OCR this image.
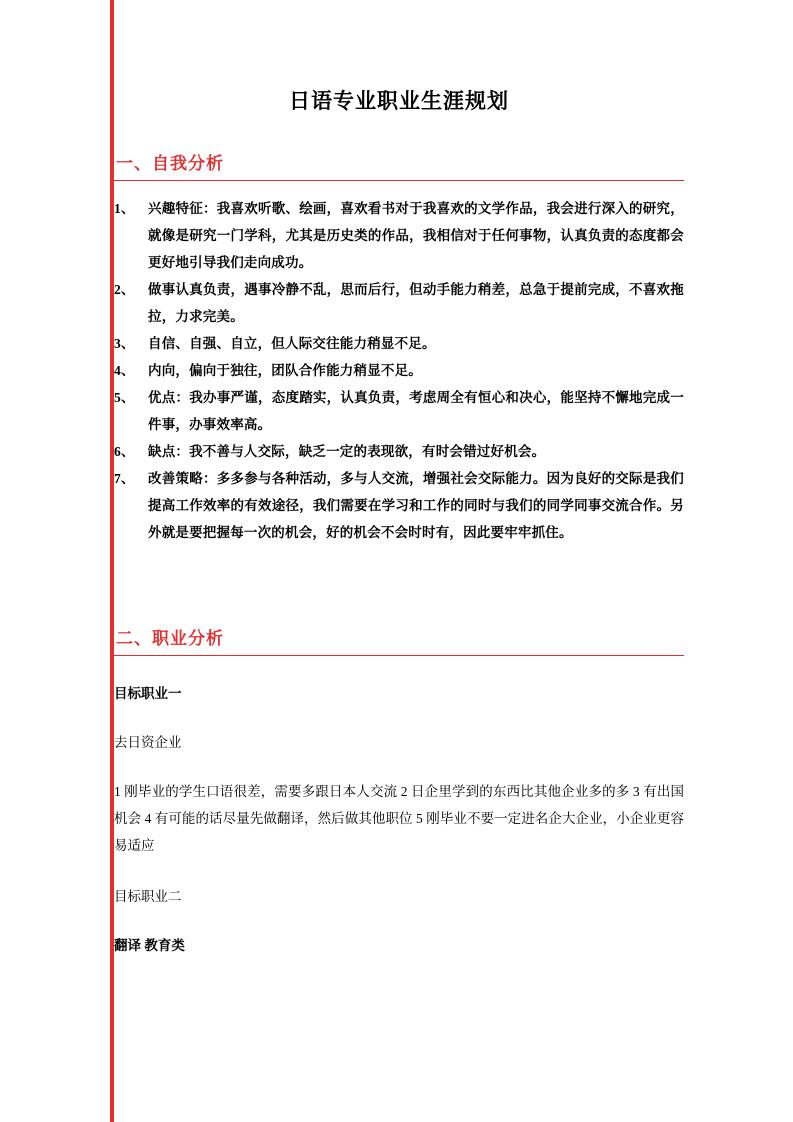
日语专业职业生涯规划
一、自我分析
1、 兴趣特征：我喜欢听歌、绘画，喜欢看书对于我喜欢的文学作品，我会进行深入的研究，就像是研究一门学科，尤其是历史类的作品，我相信对于任何事物，认真负责的态度都会更好地引导我们走向成功。
2、 做事认真负责，遇事冷静不乱，思而后行，但动手能力稍差，总急于提前完成，不喜欢拖拉，力求完美。
3、 自信、自强、自立，但人际交往能力稍显不足。
4、 内向，偏向于独往，团队合作能力稍显不足。
5、 优点：我办事严谨，态度踏实，认真负责，考虑周全有恒心和决心，能坚持不懈地完成一件事，办事效率高。
6、 缺点：我不善与人交际，缺乏一定的表现欲，有时会错过好机会。
7、 改善策略：多多参与各种活动，多与人交流，增强社会交际能力。因为良好的交际是我们提高工作效率的有效途径，我们需要在学习和工作的同时与我们的同学同事交流合作。另外就是要把握每一次的机会，好的机会不会时时有，因此要牢牢抓住。
二、职业分析
目标职业一
去日资企业
1 刚毕业的学生口语很差，需要多跟日本人交流 2 日企里学到的东西比其他企业多的多 3 有出国机会 4 有可能的话尽量先做翻译，然后做其他职位 5 刚毕业不要一定进名企大企业，小企业更容易适应
目标职业二
翻译 教育类
